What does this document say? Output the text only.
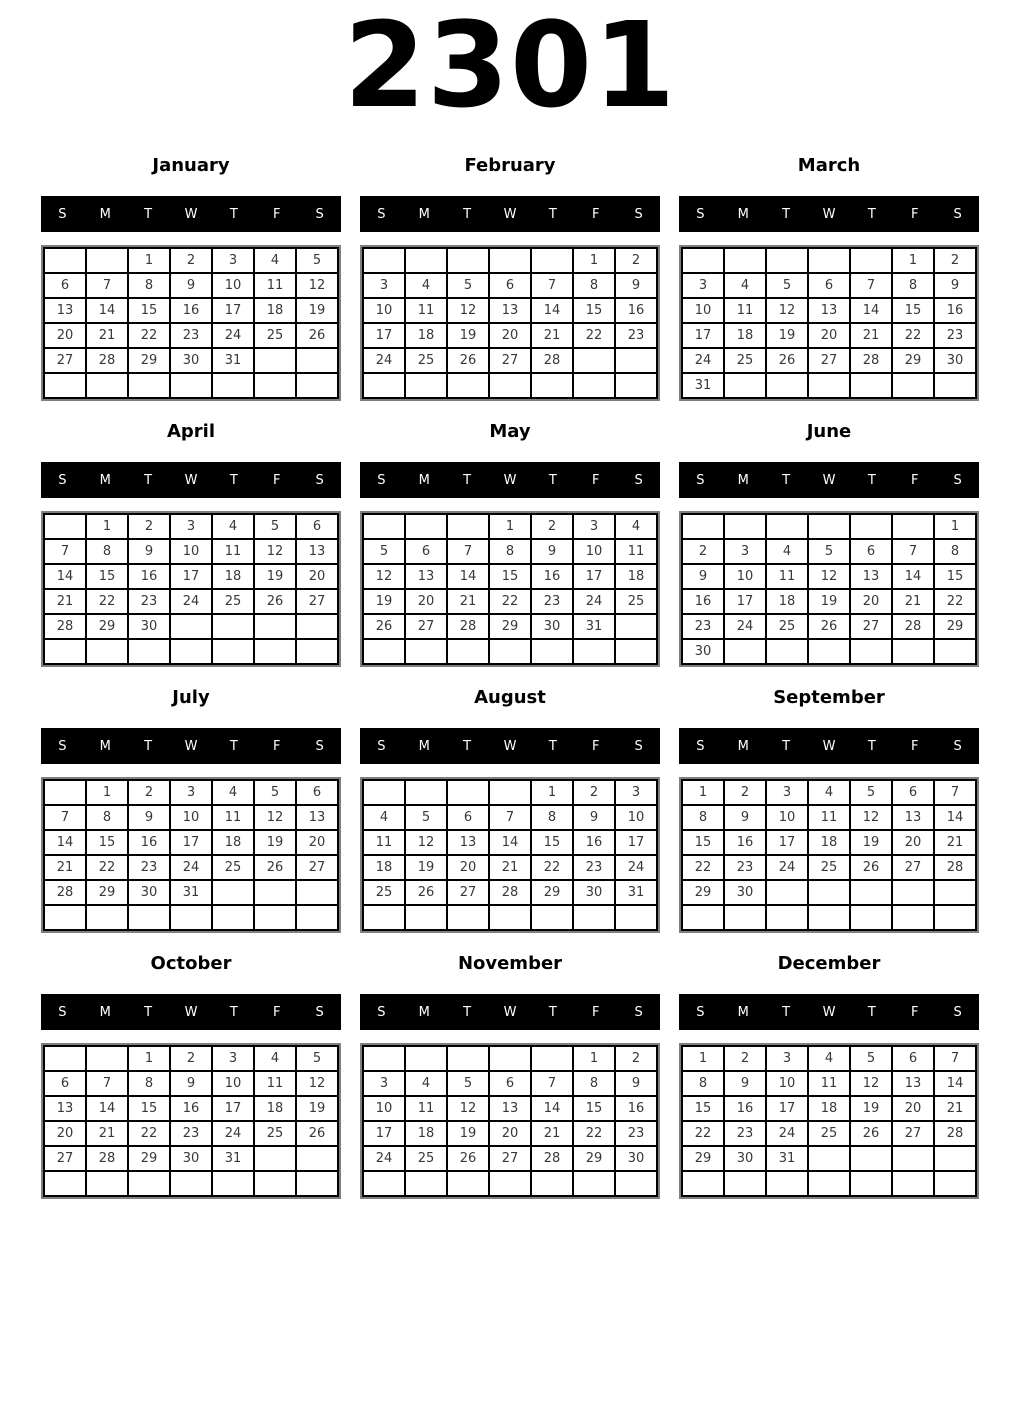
2301
January
S	M	T	W	T	F	S
		1	2	3	4	5
6	7	8	9	10	11	12
13	14	15	16	17	18	19
20	21	22	23	24	25	26
27	28	29	30	31		

February
S	M	T	W	T	F	S
					1	2
3	4	5	6	7	8	9
10	11	12	13	14	15	16
17	18	19	20	21	22	23
24	25	26	27	28		

March
S	M	T	W	T	F	S
					1	2
3	4	5	6	7	8	9
10	11	12	13	14	15	16
17	18	19	20	21	22	23
24	25	26	27	28	29	30
31						
April
S	M	T	W	T	F	S
	1	2	3	4	5	6
7	8	9	10	11	12	13
14	15	16	17	18	19	20
21	22	23	24	25	26	27
28	29	30				

May
S	M	T	W	T	F	S
			1	2	3	4
5	6	7	8	9	10	11
12	13	14	15	16	17	18
19	20	21	22	23	24	25
26	27	28	29	30	31	

June
S	M	T	W	T	F	S
						1
2	3	4	5	6	7	8
9	10	11	12	13	14	15
16	17	18	19	20	21	22
23	24	25	26	27	28	29
30						
July
S	M	T	W	T	F	S
	1	2	3	4	5	6
7	8	9	10	11	12	13
14	15	16	17	18	19	20
21	22	23	24	25	26	27
28	29	30	31			

August
S	M	T	W	T	F	S
				1	2	3
4	5	6	7	8	9	10
11	12	13	14	15	16	17
18	19	20	21	22	23	24
25	26	27	28	29	30	31

September
S	M	T	W	T	F	S
1	2	3	4	5	6	7
8	9	10	11	12	13	14
15	16	17	18	19	20	21
22	23	24	25	26	27	28
29	30					

October
S	M	T	W	T	F	S
		1	2	3	4	5
6	7	8	9	10	11	12
13	14	15	16	17	18	19
20	21	22	23	24	25	26
27	28	29	30	31		

November
S	M	T	W	T	F	S
					1	2
3	4	5	6	7	8	9
10	11	12	13	14	15	16
17	18	19	20	21	22	23
24	25	26	27	28	29	30

December
S	M	T	W	T	F	S
1	2	3	4	5	6	7
8	9	10	11	12	13	14
15	16	17	18	19	20	21
22	23	24	25	26	27	28
29	30	31				
